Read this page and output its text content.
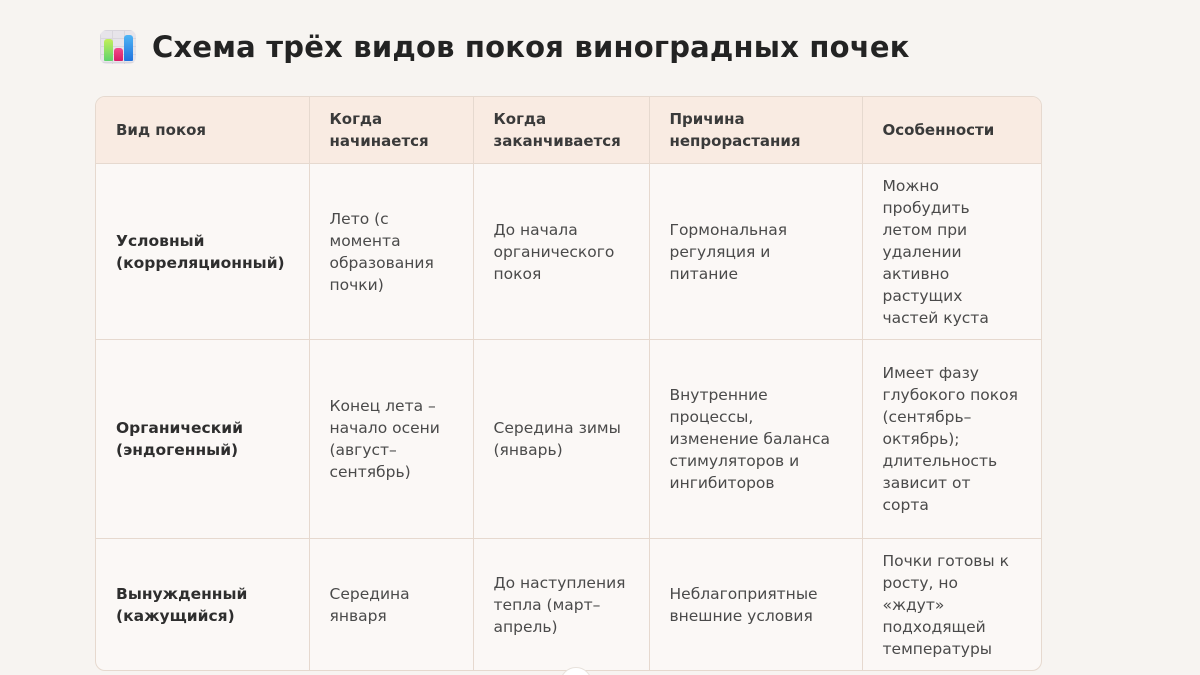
Схема трёх видов покоя виноградных почек
Вид покоя	Когда начинается	Когда заканчивается	Причина непрорастания	Особенности
Условный (корреляционный)	Лето (с момента образования почки)	До начала органического покоя	Гормональная регуляция и питание	Можно пробудить летом при удалении активно растущих частей куста
Органический (эндогенный)	Конец лета – начало осени (август–сентябрь)	Середина зимы (январь)	Внутренние процессы, изменение баланса стимуляторов и ингибиторов	Имеет фазу глубокого покоя (сентябрь–октябрь); длительность зависит от сорта
Вынужденный (кажущийся)	Середина января	До наступления тепла (март–апрель)	Неблагоприятные внешние условия	Почки готовы к росту, но «ждут» подходящей температуры
